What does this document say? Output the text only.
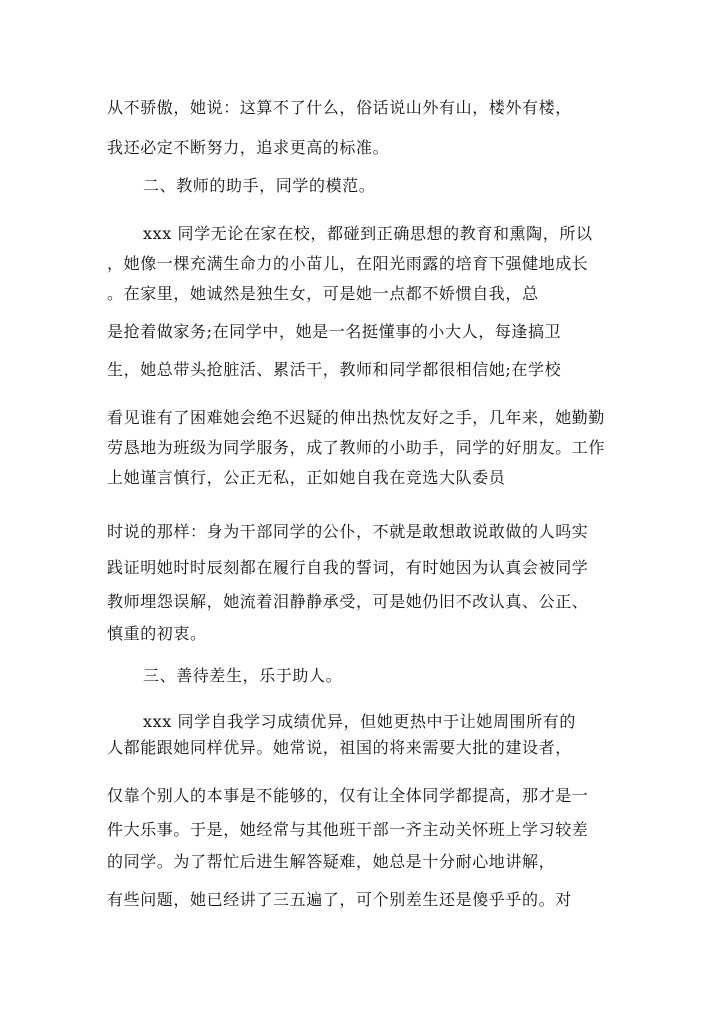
从不骄傲，她说：这算不了什么，俗话说山外有山，楼外有楼，
我还必定不断努力，追求更高的标准。
二、教师的助手，同学的模范。
xxx 同学无论在家在校，都碰到正确思想的教育和熏陶，所以
，她像一棵充满生命力的小苗儿，在阳光雨露的培育下强健地成长
。在家里，她诚然是独生女，可是她一点都不娇惯自我，总
是抢着做家务;在同学中，她是一名挺懂事的小大人，每逢搞卫
生，她总带头抢脏活、累活干，教师和同学都很相信她;在学校
看见谁有了困难她会绝不迟疑的伸出热忱友好之手，几年来，她勤勤
劳恳地为班级为同学服务，成了教师的小助手，同学的好朋友。工作
上她谨言慎行，公正无私，正如她自我在竞选大队委员
时说的那样：身为干部同学的公仆，不就是敢想敢说敢做的人吗实
践证明她时时辰刻都在履行自我的誓词，有时她因为认真会被同学
教师埋怨误解，她流着泪静静承受，可是她仍旧不改认真、公正、
慎重的初衷。
三、善待差生，乐于助人。
xxx 同学自我学习成绩优异，但她更热中于让她周围所有的
人都能跟她同样优异。她常说，祖国的将来需要大批的建设者，
仅靠个别人的本事是不能够的，仅有让全体同学都提高，那才是一
件大乐事。于是，她经常与其他班干部一齐主动关怀班上学习较差
的同学。为了帮忙后进生解答疑难，她总是十分耐心地讲解，
有些问题，她已经讲了三五遍了，可个别差生还是傻乎乎的。对
